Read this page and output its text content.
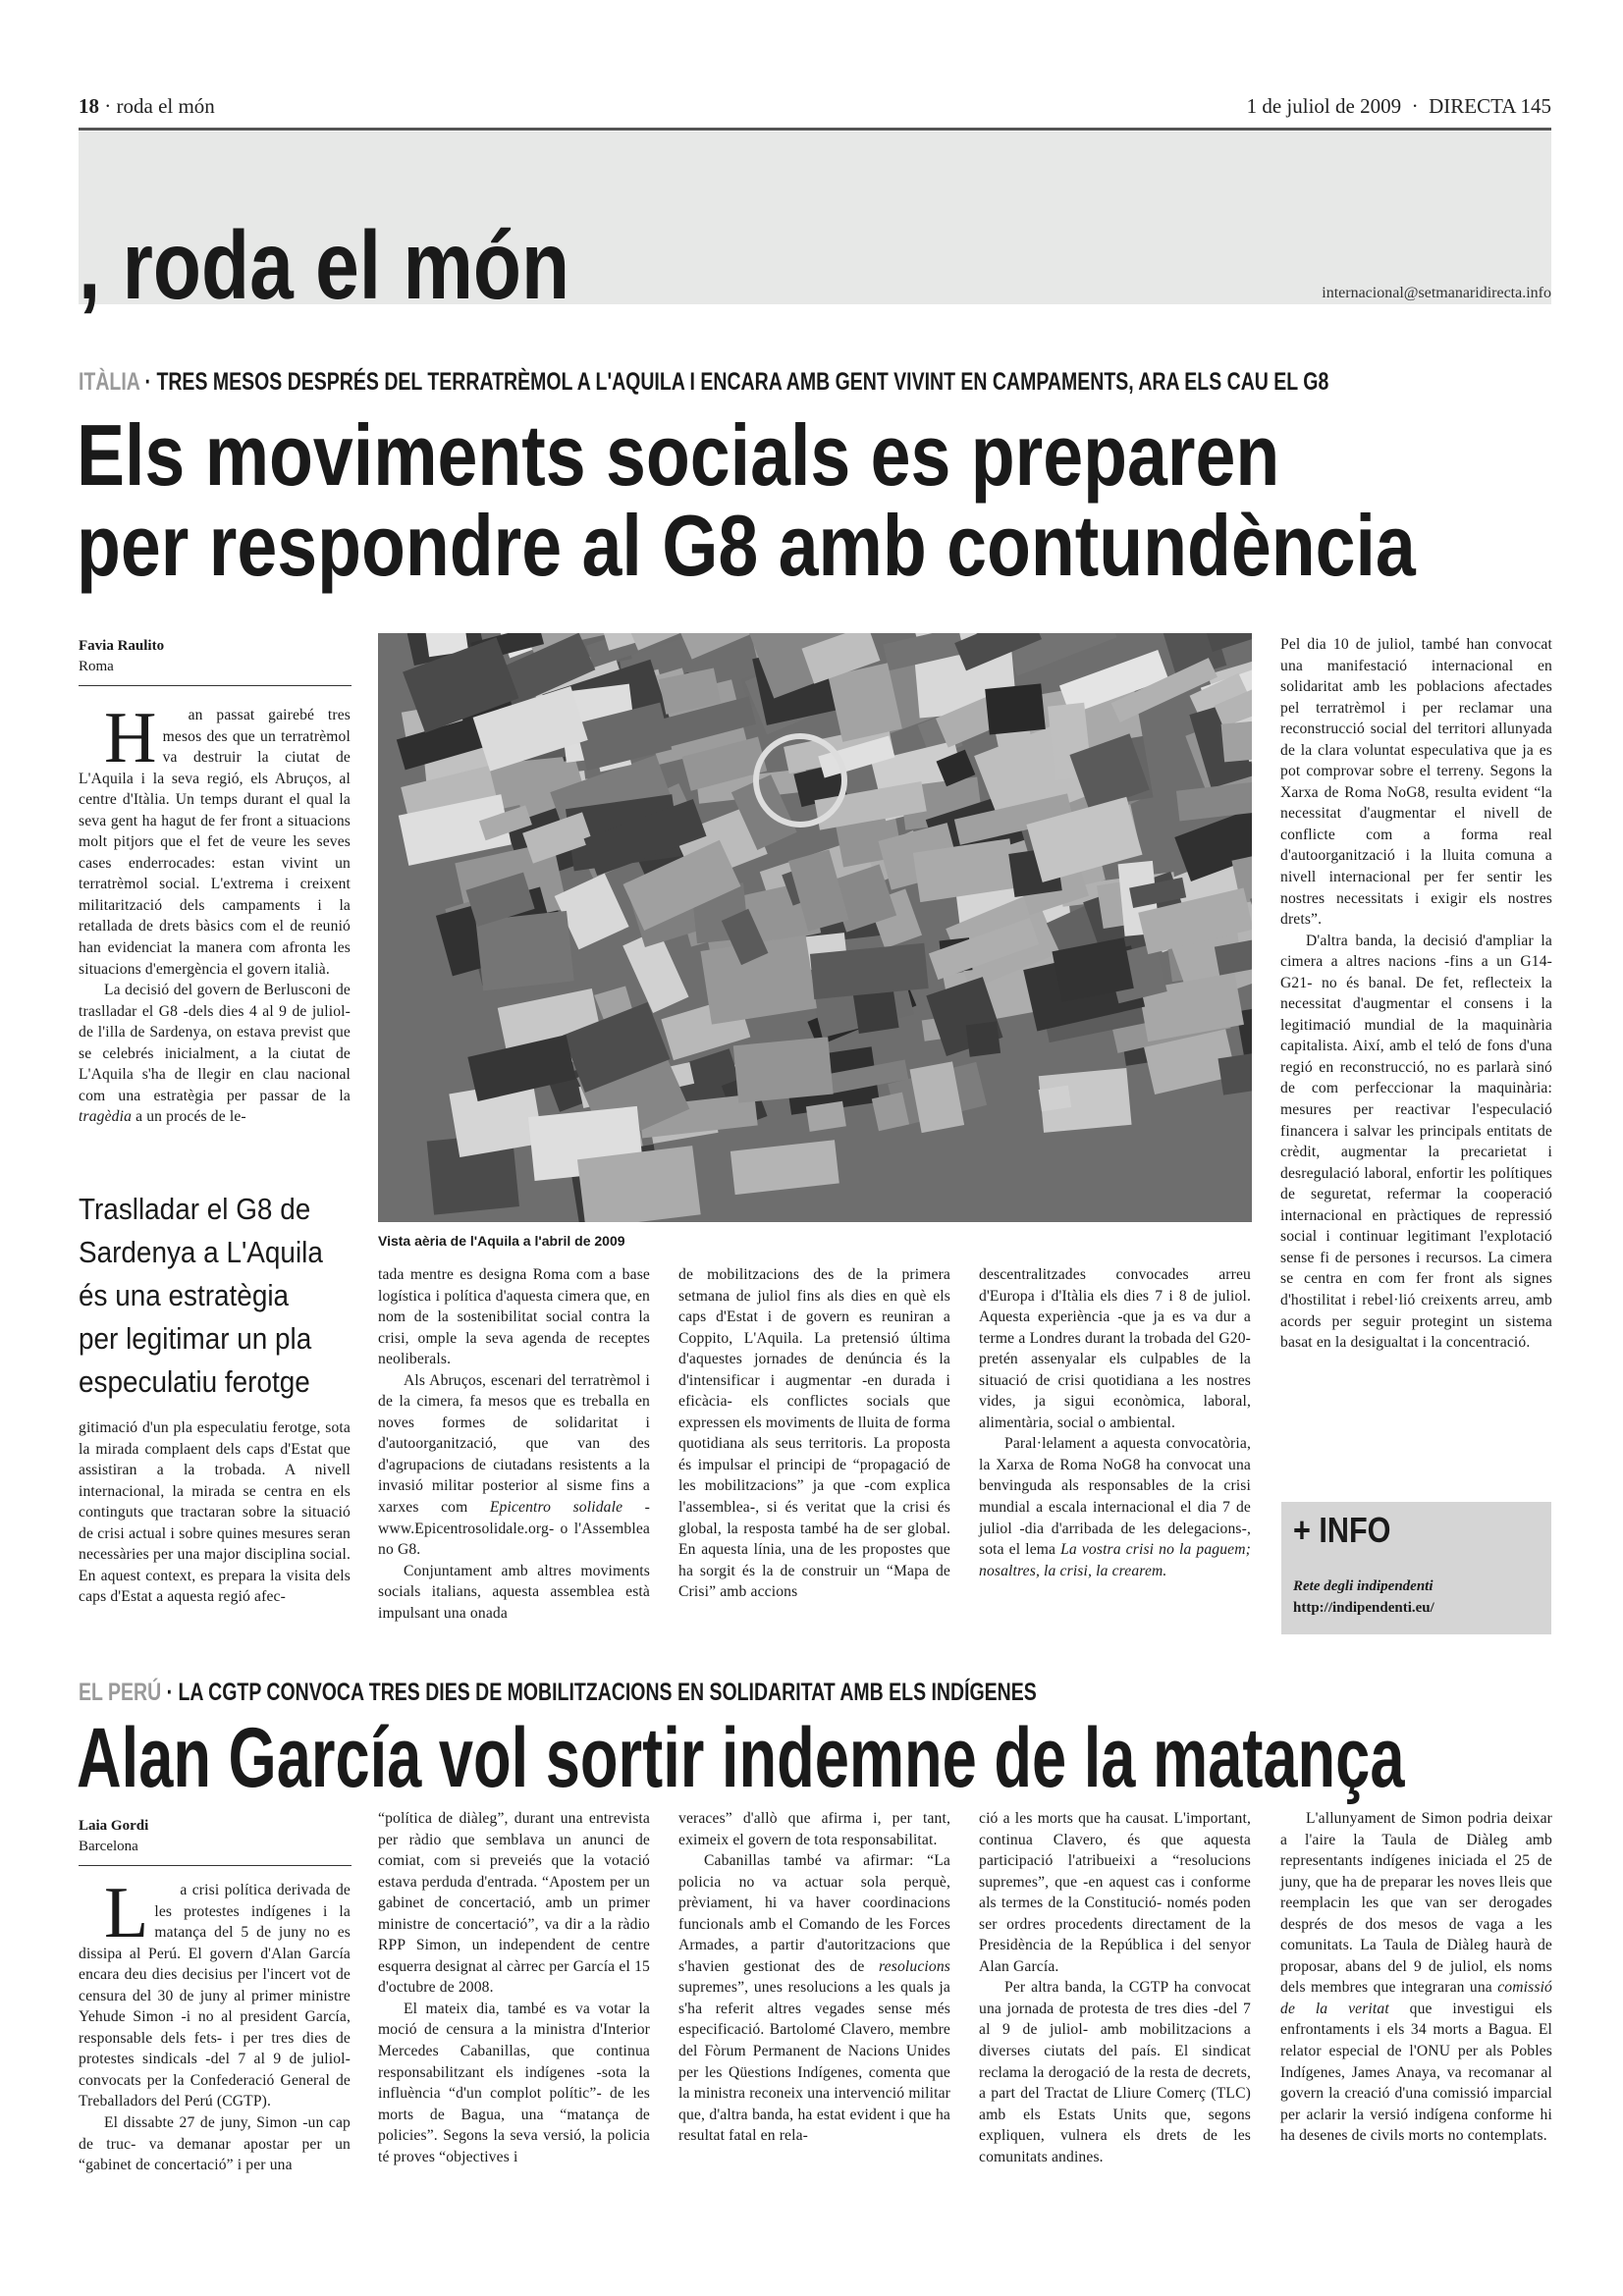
18 · roda el món	1 de juliol de 2009  ·  DIRECTA 145
, roda el món	internacional@setmanaridirecta.info
ITÀLIA · TRES MESOS DESPRÉS DEL TERRATRÈMOL A L'AQUILA I ENCARA AMB GENT VIVINT EN CAMPAMENTS, ARA ELS CAU EL G8
Els moviments socials es preparen
per respondre al G8 amb contundència
Favia Raulito
Roma

Han passat gairebé tres mesos des que un terratrèmol va destruir la ciutat de L'Aquila i la seva regió, els Abruços, al centre d'Itàlia. Un temps durant el qual la seva gent ha hagut de fer front a situacions molt pitjors que el fet de veure les seves cases enderrocades: estan vivint un terratrèmol social. L'extrema i creixent militarització dels campaments i la retallada de drets bàsics com el de reunió han evidenciat la manera com afronta les situacions d'emergència el govern italià.

La decisió del govern de Berlusconi de traslladar el G8 -dels dies 4 al 9 de juliol- de l'illa de Sardenya, on estava previst que se celebrés inicialment, a la ciutat de L'Aquila s'ha de llegir en clau nacional com una estratègia per passar de la tragèdia a un procés de le-

Traslladar el G8 de Sardenya a L'Aquila és una estratègia per legitimar un pla especulatiu ferotge

gitimació d'un pla especulatiu ferotge, sota la mirada complaent dels caps d'Estat que assistiran a la trobada. A nivell internacional, la mirada se centra en els continguts que tractaran sobre la situació de crisi actual i sobre quines mesures seran necessàries per una major disciplina social. En aquest context, es prepara la visita dels caps d'Estat a aquesta regió afec-

Vista aèria de l'Aquila a l'abril de 2009

tada mentre es designa Roma com a base logística i política d'aquesta cimera que, en nom de la sostenibilitat social contra la crisi, omple la seva agenda de receptes neoliberals.

Als Abruços, escenari del terratrèmol i de la cimera, fa mesos que es treballa en noves formes de solidaritat i d'autoorganització, que van des d'agrupacions de ciutadans resistents a la invasió militar posterior al sisme fins a xarxes com Epicentro solidale -www.Epicentrosolidale.org- o l'Assemblea no G8.

Conjuntament amb altres moviments socials italians, aquesta assemblea està impulsant una onada

de mobilitzacions des de la primera setmana de juliol fins als dies en què els caps d'Estat i de govern es reuniran a Coppito, L'Aquila. La pretensió última d'aquestes jornades de denúncia és la d'intensificar i augmentar -en durada i eficàcia- els conflictes socials que expressen els moviments de lluita de forma quotidiana als seus territoris. La proposta és impulsar el principi de “propagació de les mobilitzacions” ja que -com explica l'assemblea-, si és veritat que la crisi és global, la resposta també ha de ser global. En aquesta línia, una de les propostes que ha sorgit és la de construir un “Mapa de Crisi” amb accions

descentralitzades convocades arreu d'Europa i d'Itàlia els dies 7 i 8 de juliol. Aquesta experiència -que ja es va dur a terme a Londres durant la trobada del G20- pretén assenyalar els culpables de la situació de crisi quotidiana a les nostres vides, ja sigui econòmica, laboral, alimentària, social o ambiental.

Paral·lelament a aquesta convocatòria, la Xarxa de Roma NoG8 ha convocat una benvinguda als responsables de la crisi mundial a escala internacional el dia 7 de juliol -dia d'arribada de les delegacions-, sota el lema La vostra crisi no la paguem; nosaltres, la crisi, la crearem.

Pel dia 10 de juliol, també han convocat una manifestació internacional en solidaritat amb les poblacions afectades pel terratrèmol i per reclamar una reconstrucció social del territori allunyada de la clara voluntat especulativa que ja es pot comprovar sobre el terreny. Segons la Xarxa de Roma NoG8, resulta evident “la necessitat d'augmentar el nivell de conflicte com a forma real d'autoorganització i la lluita comuna a nivell internacional per fer sentir les nostres necessitats i exigir els nostres drets”.

D'altra banda, la decisió d'ampliar la cimera a altres nacions -fins a un G14-G21- no és banal. De fet, reflecteix la necessitat d'augmentar el consens i la legitimació mundial de la maquinària capitalista. Així, amb el teló de fons d'una regió en reconstrucció, no es parlarà sinó de com perfeccionar la maquinària: mesures per reactivar l'especulació financera i salvar les principals entitats de crèdit, augmentar la precarietat i desregulació laboral, enfortir les polítiques de seguretat, refermar la cooperació internacional en pràctiques de repressió social i continuar legitimant l'explotació sense fi de persones i recursos. La cimera se centra en com fer front als signes d'hostilitat i rebel·lió creixents arreu, amb acords per seguir protegint un sistema basat en la desigualtat i la concentració.

+ INFO
Rete degli indipendenti
http://indipendenti.eu/
EL PERÚ · LA CGTP CONVOCA TRES DIES DE MOBILITZACIONS EN SOLIDARITAT AMB ELS INDÍGENES
Alan García vol sortir indemne de la matança
Laia Gordi
Barcelona

La crisi política derivada de les protestes indígenes i la matança del 5 de juny no es dissipa al Perú. El govern d'Alan García encara deu dies decisius per l'incert vot de censura del 30 de juny al primer ministre Yehude Simon -i no al president García, responsable dels fets- i per tres dies de protestes sindicals -del 7 al 9 de juliol- convocats per la Confederació General de Treballadors del Perú (CGTP).

El dissabte 27 de juny, Simon -un cap de truc- va demanar apostar per un “gabinet de concertació” i per una

“política de diàleg”, durant una entrevista per ràdio que semblava un anunci de comiat, com si preveiés que la votació estava perduda d'entrada. “Apostem per un gabinet de concertació, amb un primer ministre de concertació”, va dir a la ràdio RPP Simon, un independent de centre esquerra designat al càrrec per García el 15 d'octubre de 2008.

El mateix dia, també es va votar la moció de censura a la ministra d'Interior Mercedes Cabanillas, que continua responsabilitzant els indígenes -sota la influència “d'un complot polític”- de les morts de Bagua, una “matança de policies”. Segons la seva versió, la policia té proves “objectives i

veraces” d'allò que afirma i, per tant, eximeix el govern de tota responsabilitat.

Cabanillas també va afirmar: “La policia no va actuar sola perquè, prèviament, hi va haver coordinacions funcionals amb el Comando de les Forces Armades, a partir d'autoritzacions que s'havien gestionat des de resolucions supremes”, unes resolucions a les quals ja s'ha referit altres vegades sense més especificació. Bartolomé Clavero, membre del Fòrum Permanent de Nacions Unides per les Qüestions Indígenes, comenta que la ministra reconeix una intervenció militar que, d'altra banda, ha estat evident i que ha resultat fatal en rela-

ció a les morts que ha causat. L'important, continua Clavero, és que aquesta participació l'atribueixi a “resolucions supremes”, que -en aquest cas i conforme als termes de la Constitució- només poden ser ordres procedents directament de la Presidència de la República i del senyor Alan García.

Per altra banda, la CGTP ha convocat una jornada de protesta de tres dies -del 7 al 9 de juliol- amb mobilitzacions a diverses ciutats del país. El sindicat reclama la derogació de la resta de decrets, a part del Tractat de Lliure Comerç (TLC) amb els Estats Units que, segons expliquen, vulnera els drets de les comunitats andines.

L'allunyament de Simon podria deixar a l'aire la Taula de Diàleg amb representants indígenes iniciada el 25 de juny, que ha de preparar les noves lleis que reemplacin les que van ser derogades després de dos mesos de vaga a les comunitats. La Taula de Diàleg haurà de proposar, abans del 9 de juliol, els noms dels membres que integraran una comissió de la veritat que investigui els enfrontaments i els 34 morts a Bagua. El relator especial de l'ONU per als Pobles Indígenes, James Anaya, va recomanar al govern la creació d'una comissió imparcial per aclarir la versió indígena conforme hi ha desenes de civils morts no contemplats.
